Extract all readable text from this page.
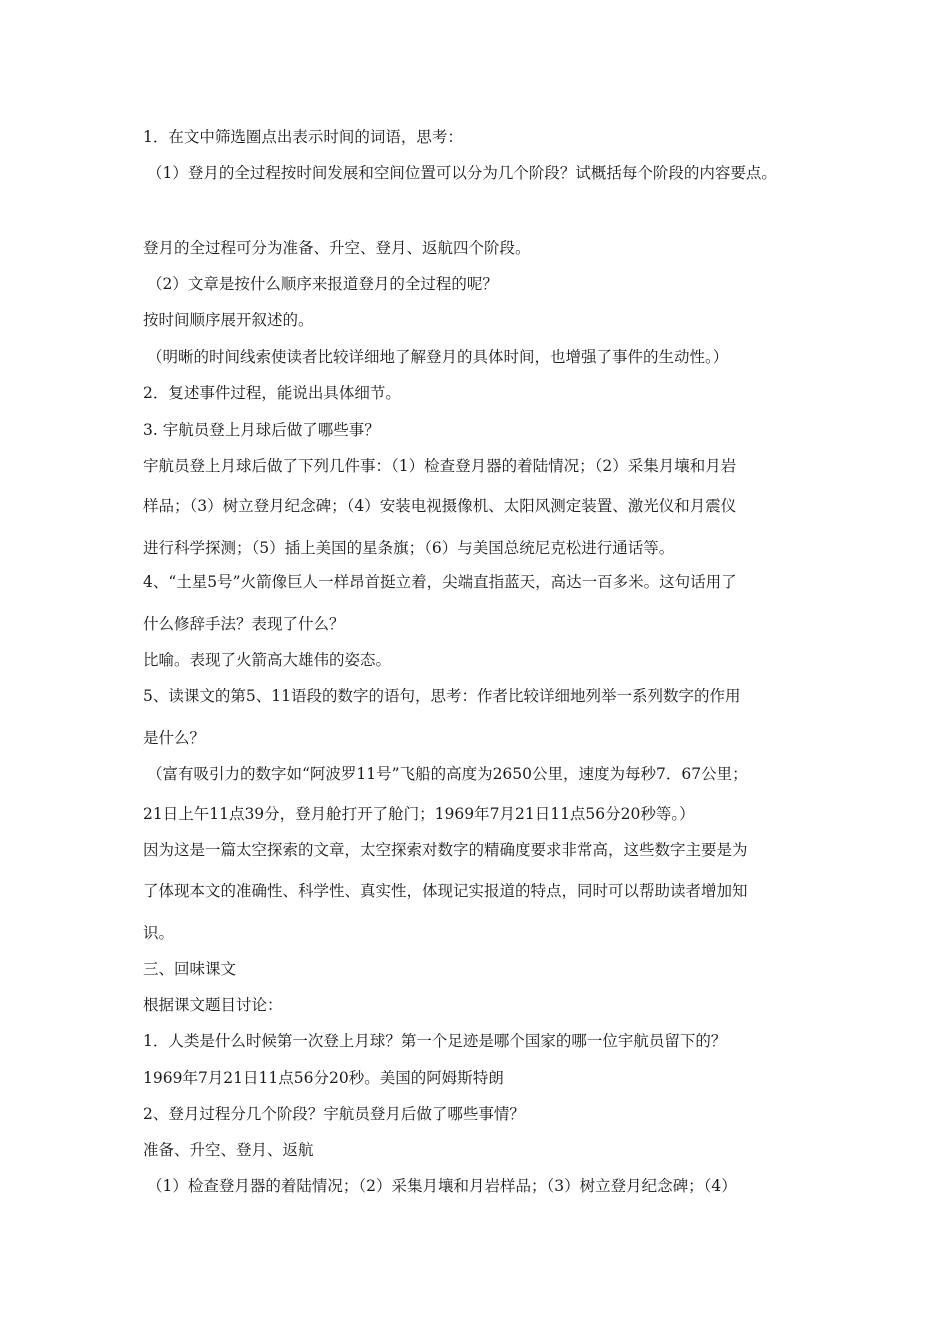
1．在文中筛选圈点出表示时间的词语，思考：
（1）登月的全过程按时间发展和空间位置可以分为几个阶段？试概括每个阶段的内容要点。
登月的全过程可分为准备、升空、登月、返航四个阶段。
（2）文章是按什么顺序来报道登月的全过程的呢？
按时间顺序展开叙述的。
（明晰的时间线索使读者比较详细地了解登月的具体时间，也增强了事件的生动性。）
2．复述事件过程，能说出具体细节。
3. 宇航员登上月球后做了哪些事？
宇航员登上月球后做了下列几件事：（1）检查登月器的着陆情况；（2）采集月壤和月岩
样品；（3）树立登月纪念碑；（4）安装电视摄像机、太阳风测定装置、激光仪和月震仪
进行科学探测；（5）插上美国的星条旗；（6）与美国总统尼克松进行通话等。
4、“土星5号”火箭像巨人一样昂首挺立着，尖端直指蓝天，高达一百多米。这句话用了
什么修辞手法？表现了什么？
比喻。表现了火箭高大雄伟的姿态。
5、读课文的第5、11语段的数字的语句，思考：作者比较详细地列举一系列数字的作用
是什么？
（富有吸引力的数字如“阿波罗11号”飞船的高度为2650公里，速度为每秒7．67公里；
21日上午11点39分，登月舱打开了舱门；1969年7月21日11点56分20秒等。）
因为这是一篇太空探索的文章，太空探索对数字的精确度要求非常高，这些数字主要是为
了体现本文的准确性、科学性、真实性，体现记实报道的特点，同时可以帮助读者增加知
识。
三、回味课文
根据课文题目讨论：
1．人类是什么时候第一次登上月球？第一个足迹是哪个国家的哪一位宇航员留下的？
1969年7月21日11点56分20秒。美国的阿姆斯特朗
2、登月过程分几个阶段？宇航员登月后做了哪些事情？
准备、升空、登月、返航
（1）检查登月器的着陆情况；（2）采集月壤和月岩样品；（3）树立登月纪念碑；（4）
